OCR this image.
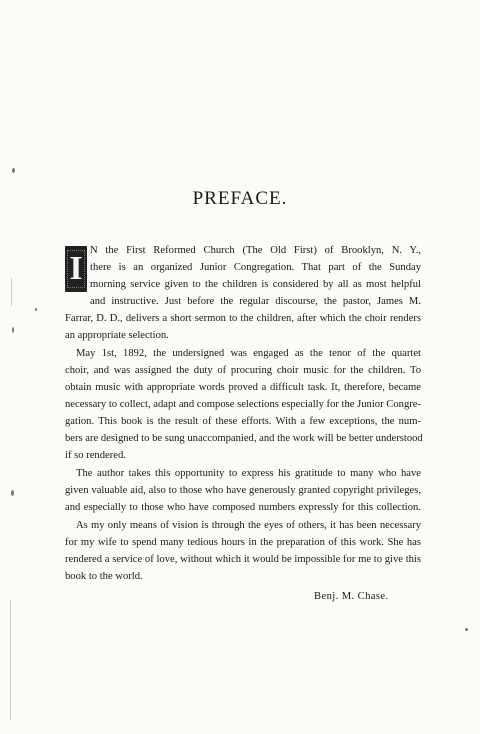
PREFACE.
I N the First Reformed Church (The Old First) of Brooklyn, N. Y.,
there is an organized Junior Congregation. That part of the Sunday
morning service given to the children is considered by all as most helpful
and instructive. Just before the regular discourse, the pastor, James M.
Farrar, D. D., delivers a short sermon to the children, after which the choir renders
an appropriate selection.
May 1st, 1892, the undersigned was engaged as the tenor of the quartet
choir, and was assigned the duty of procuring choir music for the children. To
obtain music with appropriate words proved a difficult task. It, therefore, became
necessary to collect, adapt and compose selections especially for the Junior Congre-
gation. This book is the result of these efforts. With a few exceptions, the num-
bers are designed to be sung unaccompanied, and the work will be better understood
if so rendered.
The author takes this opportunity to express his gratitude to many who have
given valuable aid, also to those who have generously granted copyright privileges,
and especially to those who have composed numbers expressly for this collection.
As my only means of vision is through the eyes of others, it has been necessary
Benj. M. Chase.
for my wife to spend many tedious hours in the preparation of this work. She has
rendered a service of love, without which it would be impossible for me to give this
book to the world.
